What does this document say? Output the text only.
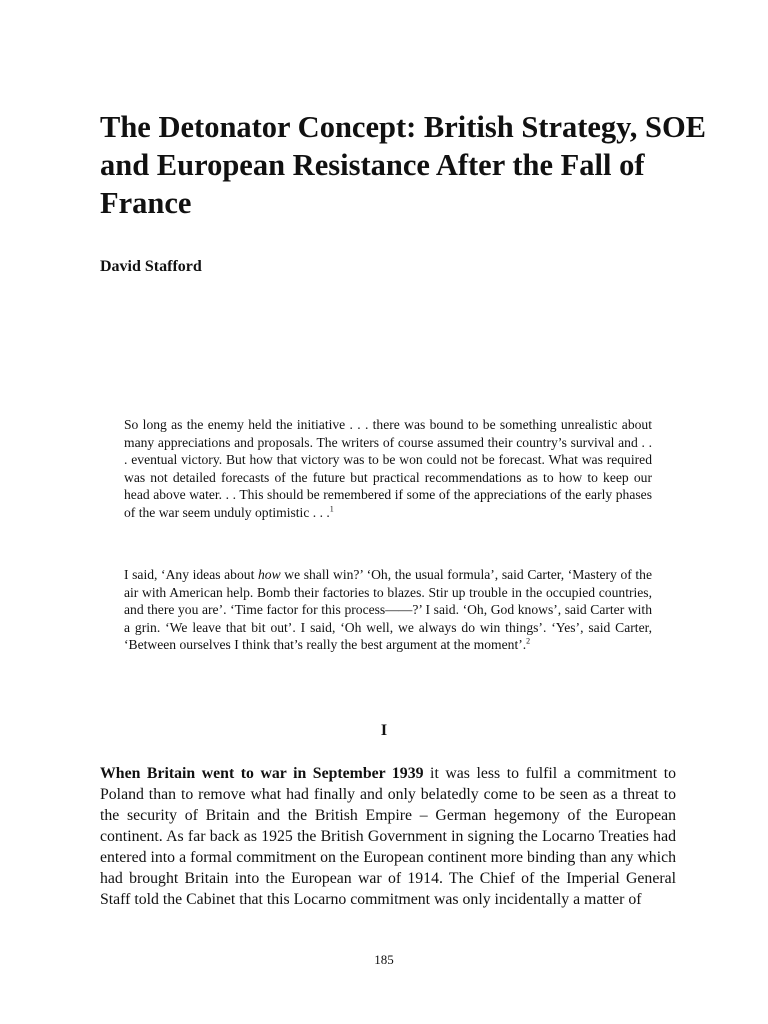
The Detonator Concept: British Strategy, SOE and European Resistance After the Fall of France

David Stafford

So long as the enemy held the initiative . . . there was bound to be something unrealistic about many appreciations and proposals. The writers of course assumed their country’s survival and . . . eventual victory. But how that victory was to be won could not be forecast. What was required was not detailed forecasts of the future but practical recommendations as to how to keep our head above water. . . This should be remembered if some of the appreciations of the early phases of the war seem unduly optimistic . . .$^1$

I said, ‘Any ideas about how we shall win?’ ‘Oh, the usual formula’, said Carter, ‘Mastery of the air with American help. Bomb their factories to blazes. Stir up trouble in the occupied countries, and there you are’. ‘Time factor for this process——?’ I said. ‘Oh, God knows’, said Carter with a grin. ‘We leave that bit out’. I said, ‘Oh well, we always do win things’. ‘Yes’, said Carter, ‘Between ourselves I think that’s really the best argument at the moment’.$^2$

I

When Britain went to war in September 1939 it was less to fulfil a commitment to Poland than to remove what had finally and only belatedly come to be seen as a threat to the security of Britain and the British Empire – German hegemony of the European continent. As far back as 1925 the British Government in signing the Locarno Treaties had entered into a formal commitment on the European continent more binding than any which had brought Britain into the European war of 1914. The Chief of the Imperial General Staff told the Cabinet that this Locarno commitment was only incidentally a matter of

185
